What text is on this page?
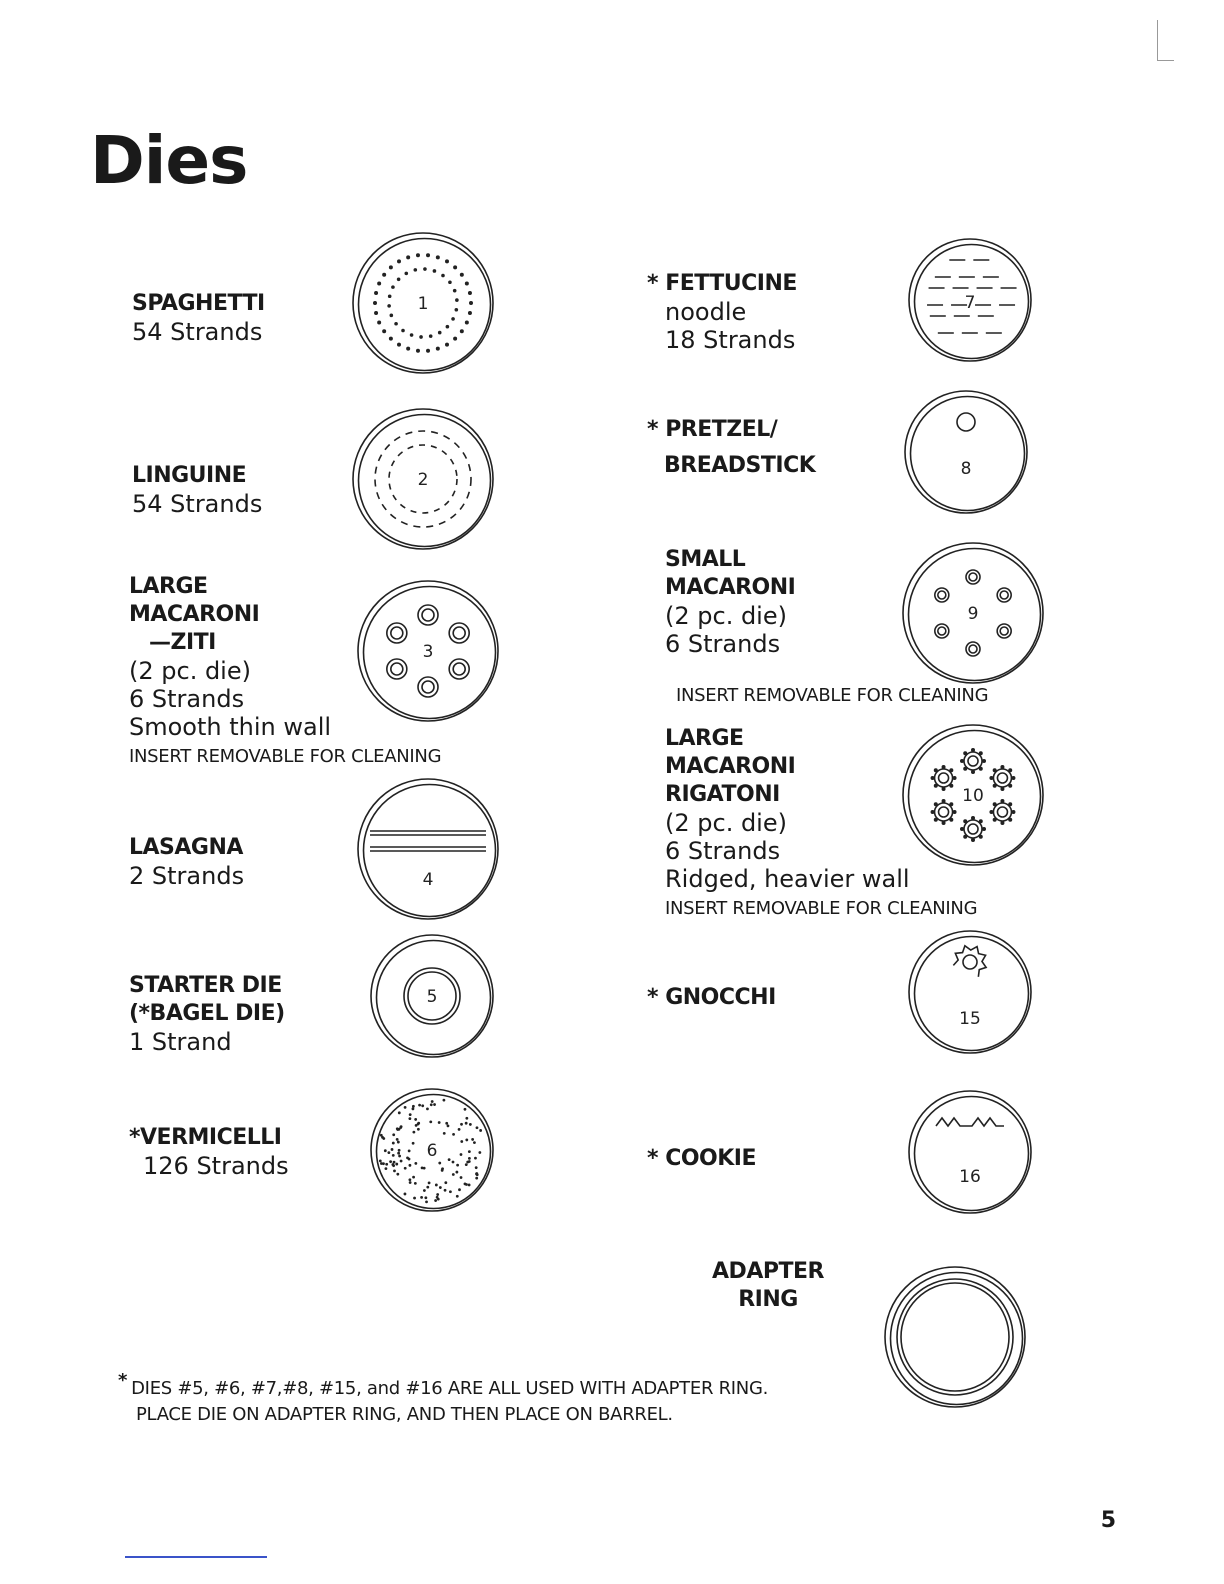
Dies
SPAGHETTI
54 Strands
LINGUINE
54 Strands
LARGE
MACARONI
—ZITI
(2 pc. die)
6 Strands
Smooth thin wall
INSERT REMOVABLE FOR CLEANING
LASAGNA
2 Strands
STARTER DIE
(*BAGEL DIE)
1 Strand
*VERMICELLI
126 Strands
* FETTUCINE
noodle
18 Strands
* PRETZEL/
BREADSTICK
SMALL
MACARONI
(2 pc. die)
6 Strands
INSERT REMOVABLE FOR CLEANING
LARGE
MACARONI
RIGATONI
(2 pc. die)
6 Strands
Ridged, heavier wall
INSERT REMOVABLE FOR CLEANING
* GNOCCHI
* COOKIE
ADAPTER
RING
1
2
3
4
5
6
7
8
9
10
15
16
* DIES #5, #6, #7,#8, #15, and #16 ARE ALL USED WITH ADAPTER RING.
PLACE DIE ON ADAPTER RING, AND THEN PLACE ON BARREL.
5
